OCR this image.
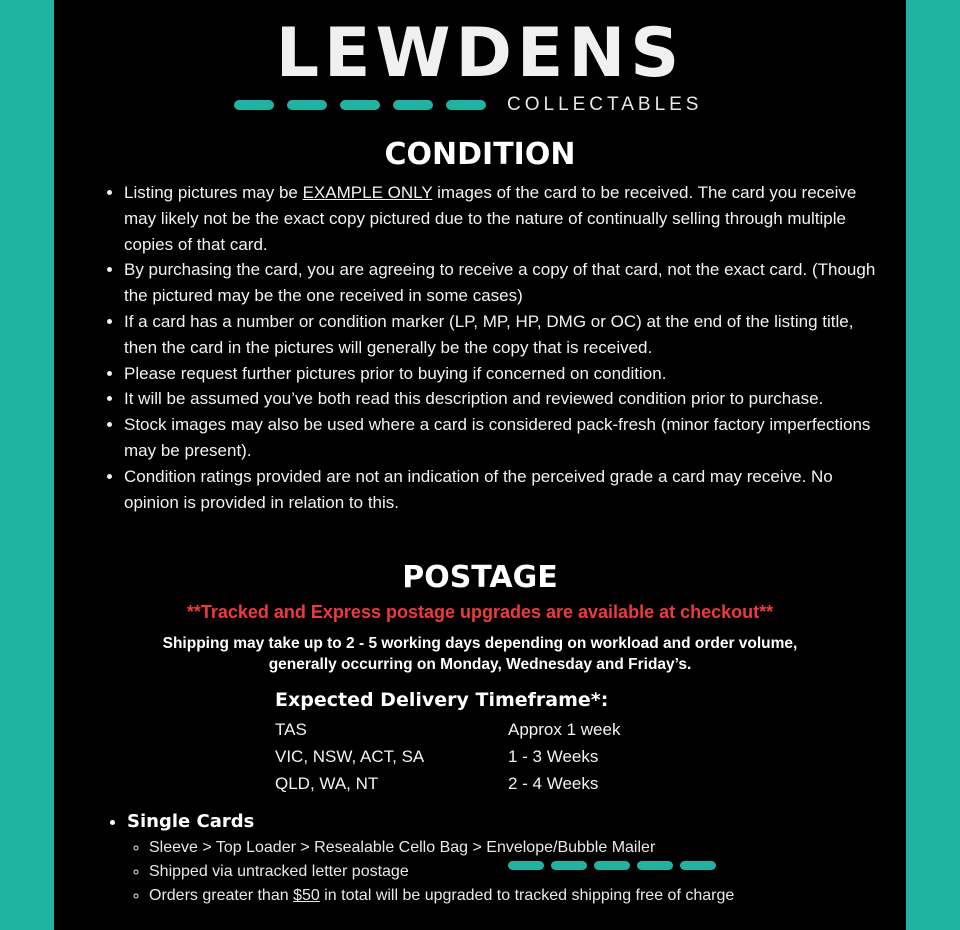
LEWDENS
COLLECTABLES
CONDITION
• Listing pictures may be EXAMPLE ONLY images of the card to be received. The card you receive may likely not be the exact copy pictured due to the nature of continually selling through multiple copies of that card.
• By purchasing the card, you are agreeing to receive a copy of that card, not the exact card. (Though the pictured may be the one received in some cases)
• If a card has a number or condition marker (LP, MP, HP, DMG or OC) at the end of the listing title, then the card in the pictures will generally be the copy that is received.
• Please request further pictures prior to buying if concerned on condition.
• It will be assumed you’ve both read this description and reviewed condition prior to purchase.
• Stock images may also be used where a card is considered pack-fresh (minor factory imperfections may be present).
• Condition ratings provided are not an indication of the perceived grade a card may receive. No opinion is provided in relation to this.
POSTAGE
**Tracked and Express postage upgrades are available at checkout**
Shipping may take up to 2 - 5 working days depending on workload and order volume,
generally occurring on Monday, Wednesday and Friday’s.
Expected Delivery Timeframe*:
TAS	Approx 1 week
VIC, NSW, ACT, SA	1 - 3 Weeks
QLD, WA, NT	2 - 4 Weeks
• Single Cards
◦ Sleeve > Top Loader > Resealable Cello Bag > Envelope/Bubble Mailer
◦ Shipped via untracked letter postage
◦ Orders greater than $50 in total will be upgraded to tracked shipping free of charge
